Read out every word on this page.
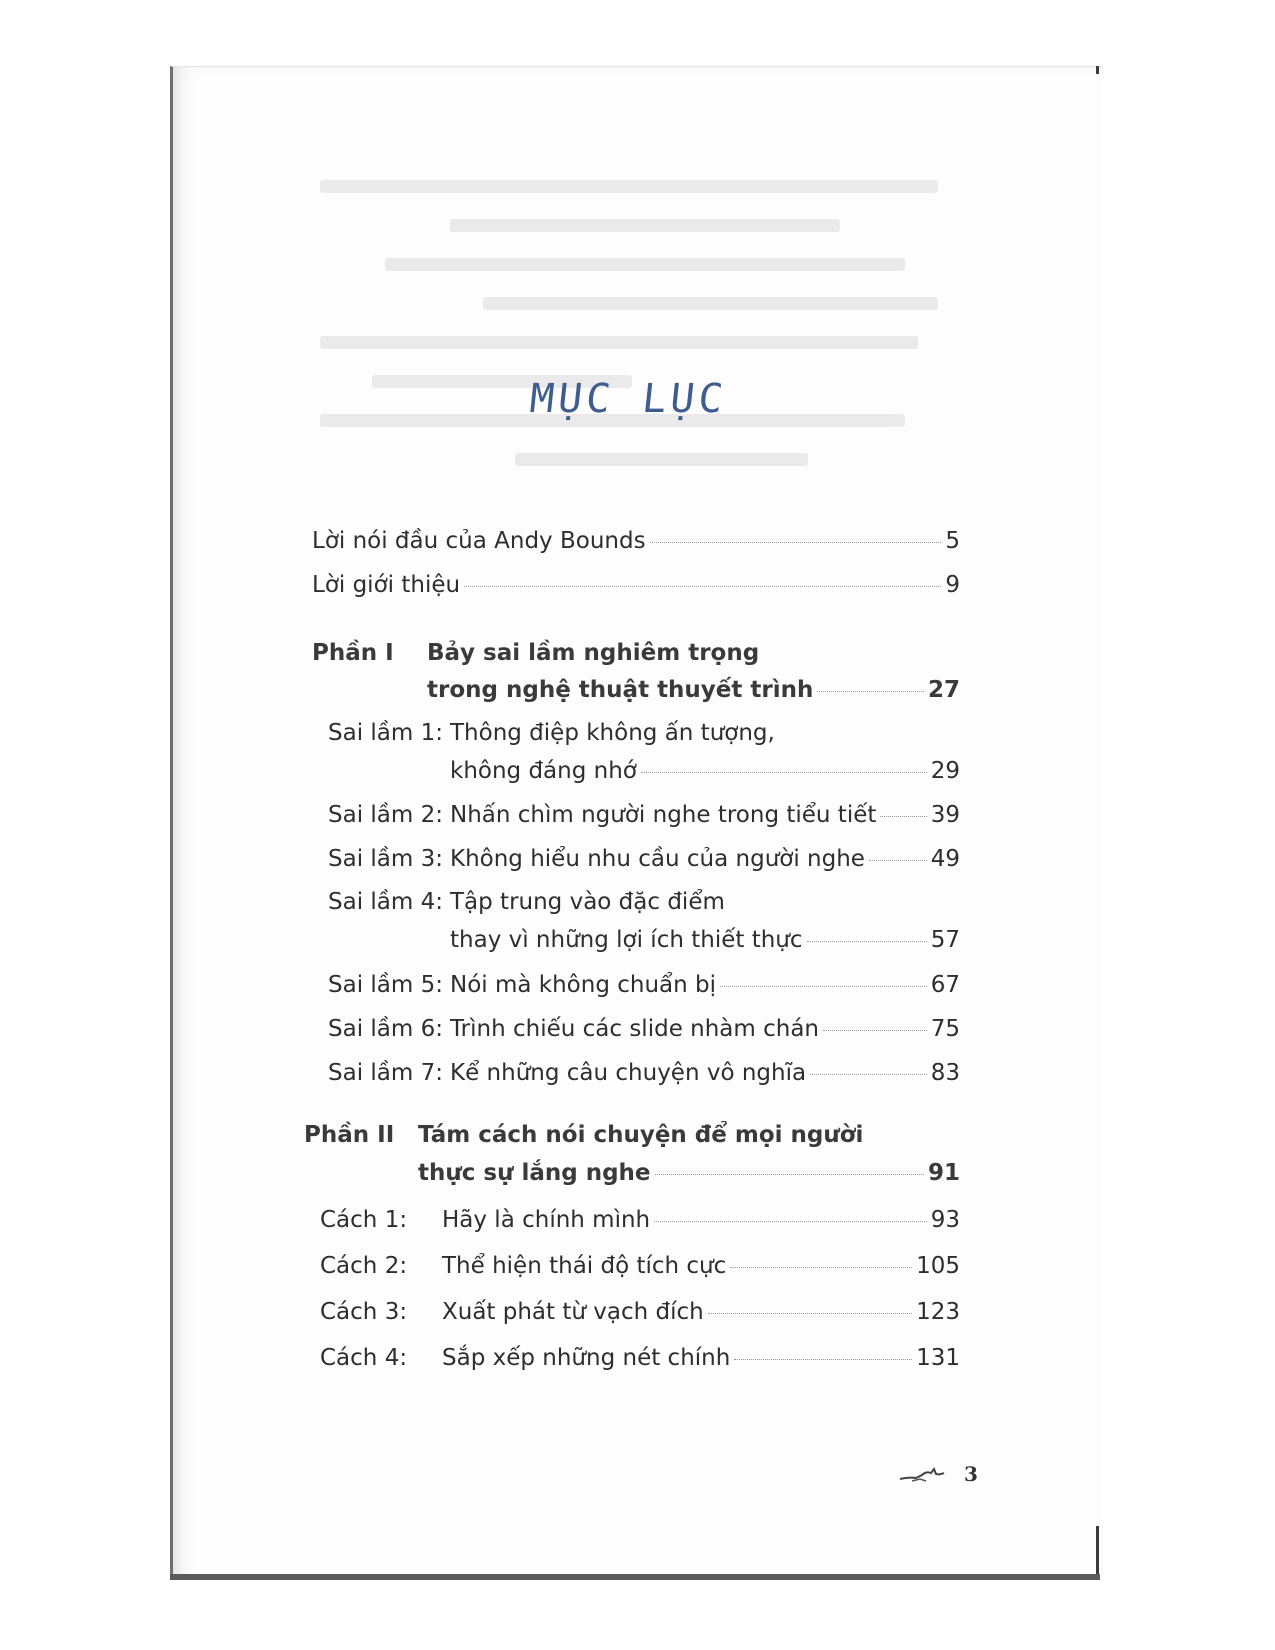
MỤC LỤC
Lời nói đầu của Andy Bounds	5
Lời giới thiệu	9
Phần I Bảy sai lầm nghiêm trọng
trong nghệ thuật thuyết trình	27
Sai lầm 1: Thông điệp không ấn tượng,
không đáng nhớ	29
Sai lầm 2: Nhấn chìm người nghe trong tiểu tiết 39
Sai lầm 3: Không hiểu nhu cầu của người nghe	49
Sai lầm 4: Tập trung vào đặc điểm
thay vì những lợi ích thiết thực	57
Sai lầm 5: Nói mà không chuẩn bị	67
Sai lầm 6: Trình chiếu các slide nhàm chán	75
Sai lầm 7: Kể những câu chuyện vô nghĩa	83
Phần II Tám cách nói chuyện để mọi người
thực sự lắng nghe	91
Cách 1:	Hãy là chính mình	93
Cách 2:	Thể hiện thái độ tích cực	105
Cách 3:	Xuất phát từ vạch đích	123
Cách 4:	Sắp xếp những nét chính	131
3
